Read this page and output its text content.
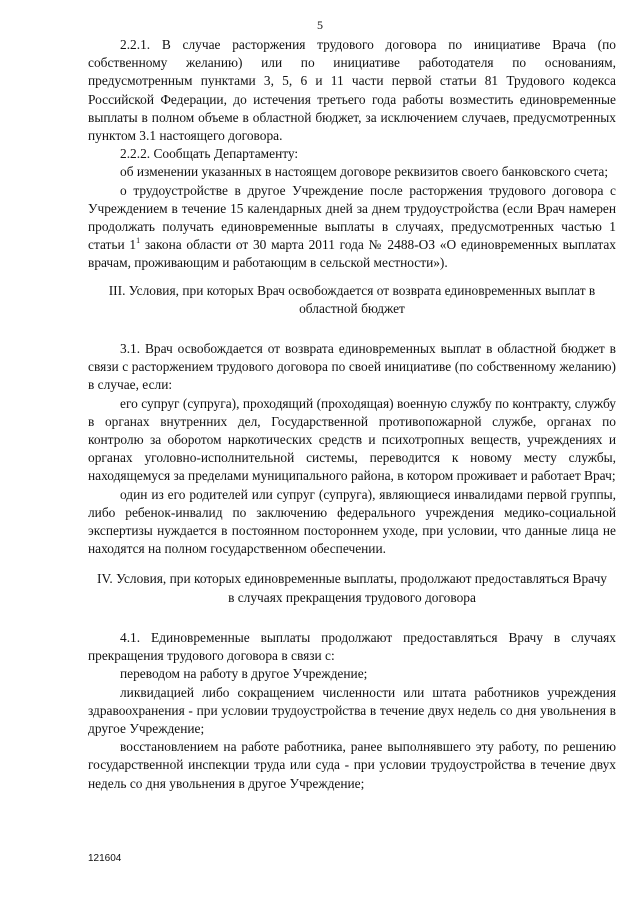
5

2.2.1. В случае расторжения трудового договора по инициативе Врача (по собственному желанию) или по инициативе работодателя по основаниям, предусмотренным пунктами 3, 5, 6 и 11 части первой статьи 81 Трудового кодекса Российской Федерации, до истечения третьего года работы возместить единовременные выплаты в полном объеме в областной бюджет, за исключением случаев, предусмотренных пунктом 3.1 настоящего договора.

2.2.2. Сообщать Департаменту:

об изменении указанных в настоящем договоре реквизитов своего банковского счета;

о трудоустройстве в другое Учреждение после расторжения трудового договора с Учреждением в течение 15 календарных дней за днем трудоустройства (если Врач намерен продолжать получать единовременные выплаты в случаях, предусмотренных частью 1 статьи $1^1$ закона области от 30 марта 2011 года № 2488-ОЗ «О единовременных выплатах врачам, проживающим и работающим в сельской местности»).

III. Условия, при которых Врач освобождается от возврата единовременных выплат в областной бюджет

3.1. Врач освобождается от возврата единовременных выплат в областной бюджет в связи с расторжением трудового договора по своей инициативе (по собственному желанию) в случае, если:

его супруг (супруга), проходящий (проходящая) военную службу по контракту, службу в органах внутренних дел, Государственной противопожарной службе, органах по контролю за оборотом наркотических средств и психотропных веществ, учреждениях и органах уголовно-исполнительной системы, переводится к новому месту службы, находящемуся за пределами муниципального района, в котором проживает и работает Врач;

один из его родителей или супруг (супруга), являющиеся инвалидами первой группы, либо ребенок-инвалид по заключению федерального учреждения медико-социальной экспертизы нуждается в постоянном постороннем уходе, при условии, что данные лица не находятся на полном государственном обеспечении.

IV. Условия, при которых единовременные выплаты, продолжают предоставляться Врачу в случаях прекращения трудового договора

4.1. Единовременные выплаты продолжают предоставляться Врачу в случаях прекращения трудового договора в связи с:

переводом на работу в другое Учреждение;

ликвидацией либо сокращением численности или штата работников учреждения здравоохранения - при условии трудоустройства в течение двух недель со дня увольнения в другое Учреждение;

восстановлением на работе работника, ранее выполнявшего эту работу, по решению государственной инспекции труда или суда - при условии трудоустройства в течение двух недель со дня увольнения в другое Учреждение;

121604
